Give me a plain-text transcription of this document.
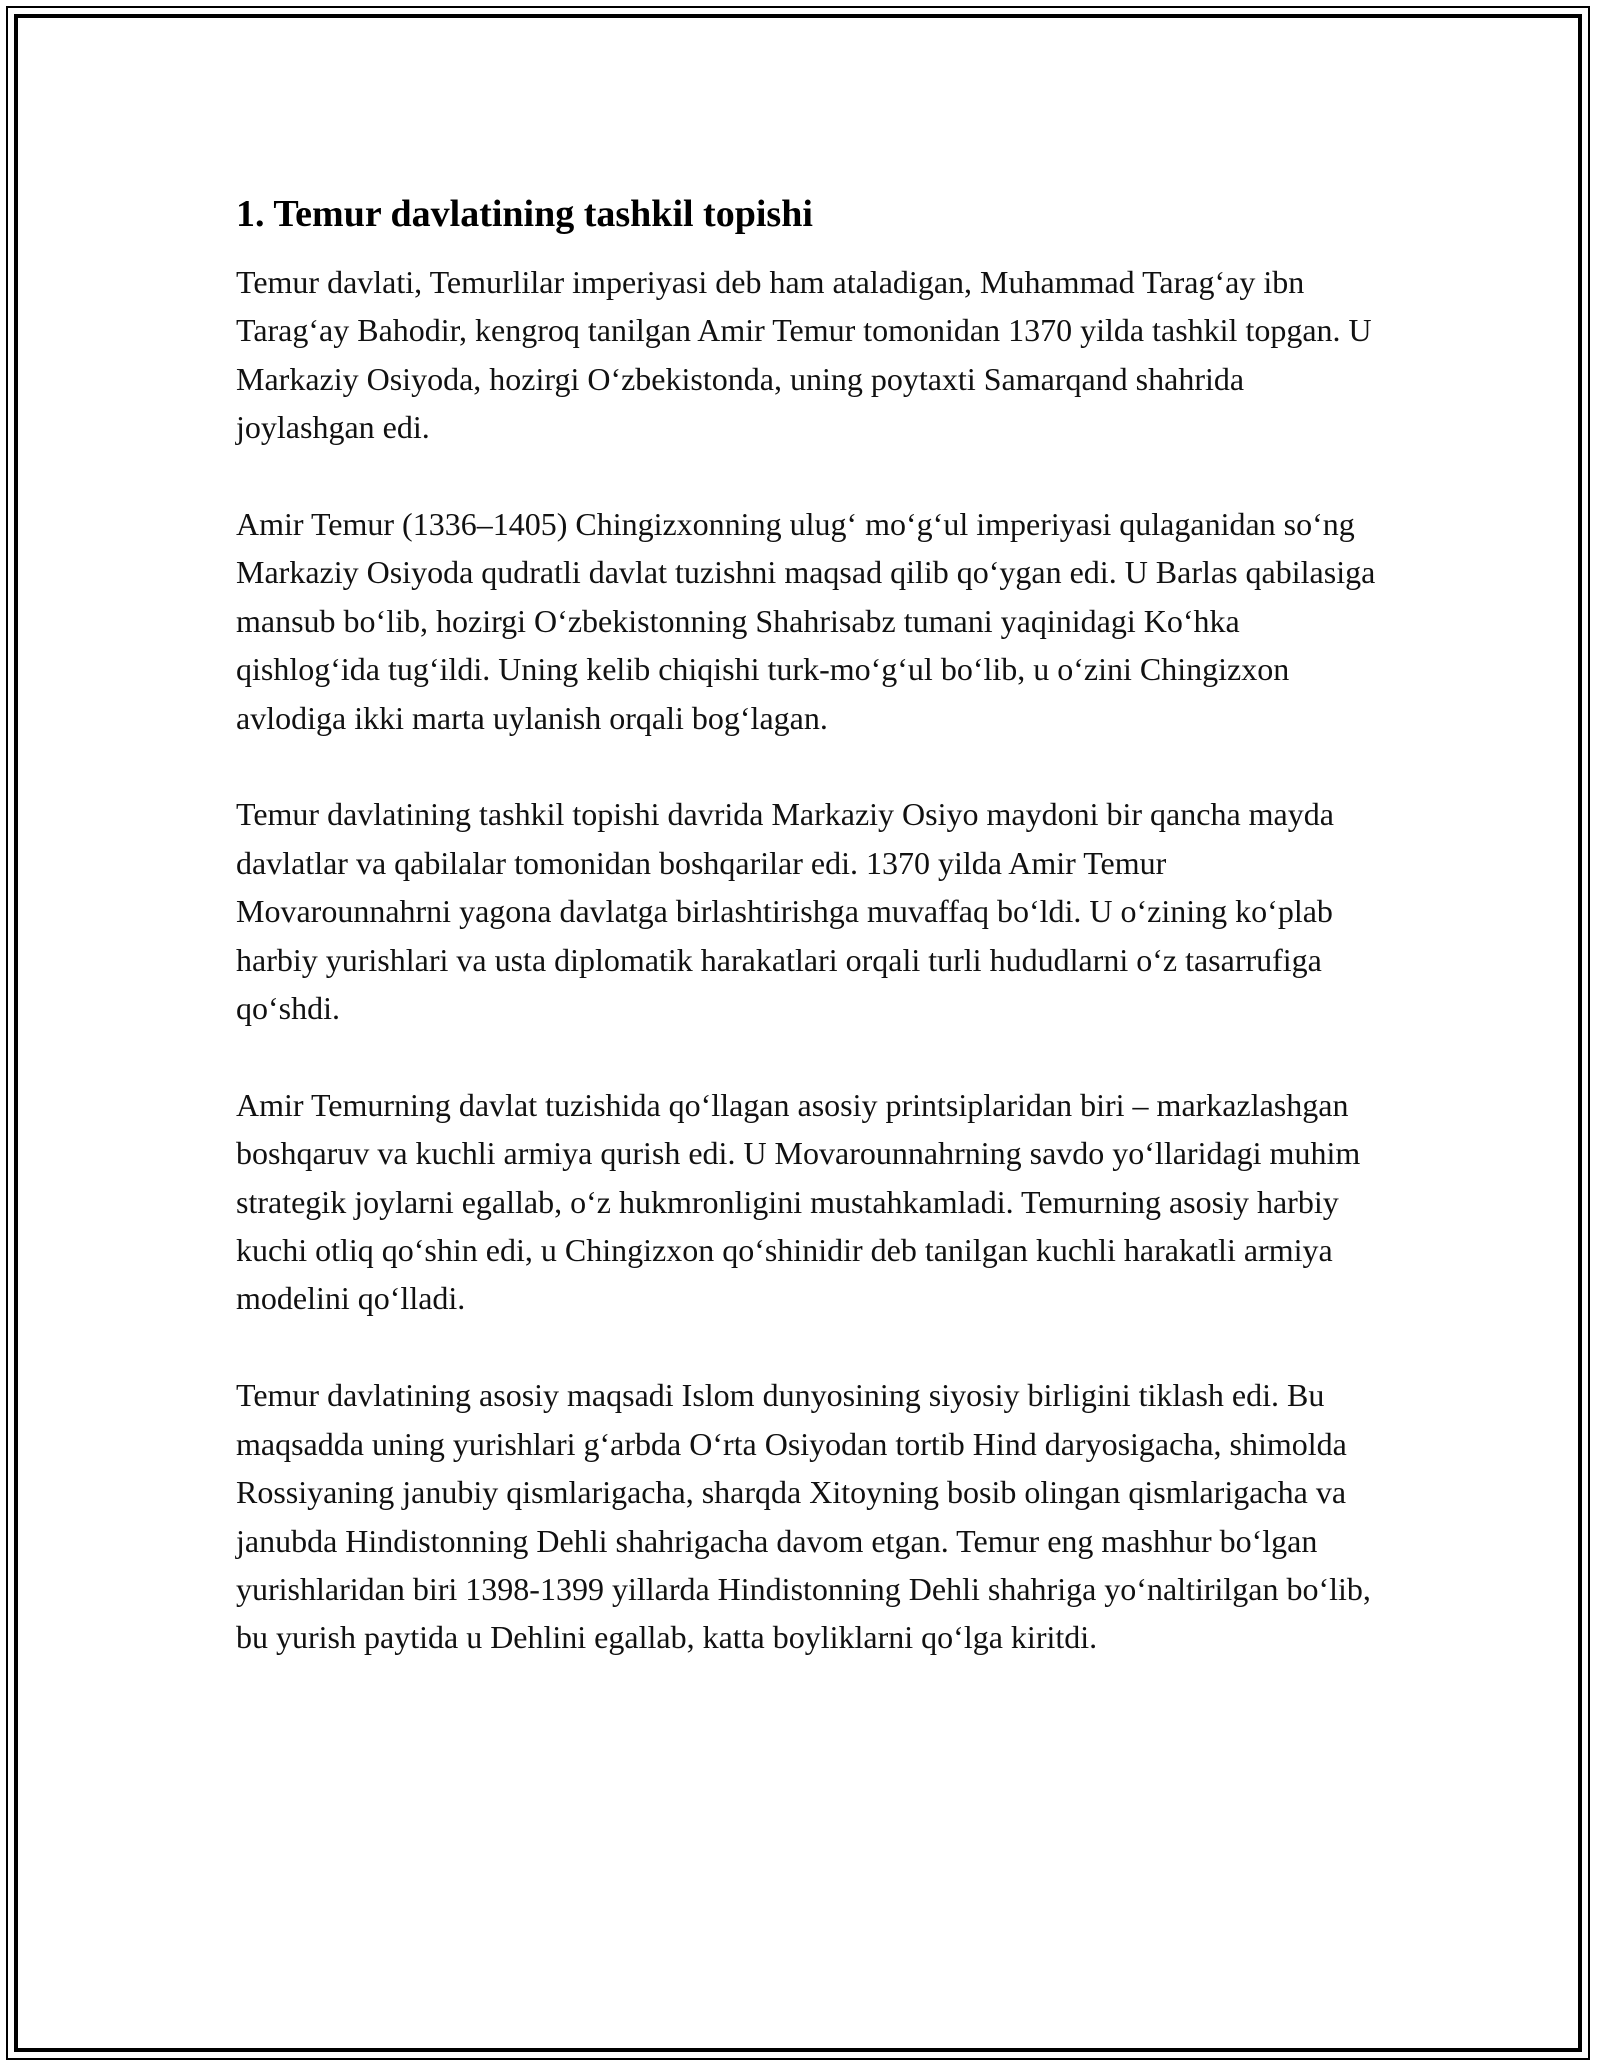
1. Temur davlatining tashkil topishi

Temur davlati, Temurlilar imperiyasi deb ham ataladigan, Muhammad Tarag‘ay ibn Tarag‘ay Bahodir, kengroq tanilgan Amir Temur tomonidan 1370 yilda tashkil topgan. U Markaziy Osiyoda, hozirgi O‘zbekistonda, uning poytaxti Samarqand shahrida joylashgan edi.

Amir Temur (1336–1405) Chingizxonning ulug‘ mo‘g‘ul imperiyasi qulaganidan so‘ng Markaziy Osiyoda qudratli davlat tuzishni maqsad qilib qo‘ygan edi. U Barlas qabilasiga mansub bo‘lib, hozirgi O‘zbekistonning Shahrisabz tumani yaqinidagi Ko‘hka qishlog‘ida tug‘ildi. Uning kelib chiqishi turk-mo‘g‘ul bo‘lib, u o‘zini Chingizxon avlodiga ikki marta uylanish orqali bog‘lagan.

Temur davlatining tashkil topishi davrida Markaziy Osiyo maydoni bir qancha mayda davlatlar va qabilalar tomonidan boshqarilar edi. 1370 yilda Amir Temur Movarounnahrni yagona davlatga birlashtirishga muvaffaq bo‘ldi. U o‘zining ko‘plab harbiy yurishlari va usta diplomatik harakatlari orqali turli hududlarni o‘z tasarrufiga qo‘shdi.

Amir Temurning davlat tuzishida qo‘llagan asosiy printsiplaridan biri – markazlashgan boshqaruv va kuchli armiya qurish edi. U Movarounnahrning savdo yo‘llaridagi muhim strategik joylarni egallab, o‘z hukmronligini mustahkamladi. Temurning asosiy harbiy kuchi otliq qo‘shin edi, u Chingizxon qo‘shinidir deb tanilgan kuchli harakatli armiya modelini qo‘lladi.

Temur davlatining asosiy maqsadi Islom dunyosining siyosiy birligini tiklash edi. Bu maqsadda uning yurishlari g‘arbda O‘rta Osiyodan tortib Hind daryosigacha, shimolda Rossiyaning janubiy qismlarigacha, sharqda Xitoyning bosib olingan qismlarigacha va janubda Hindistonning Dehli shahrigacha davom etgan. Temur eng mashhur bo‘lgan yurishlaridan biri 1398-1399 yillarda Hindistonning Dehli shahriga yo‘naltirilgan bo‘lib, bu yurish paytida u Dehlini egallab, katta boyliklarni qo‘lga kiritdi.
